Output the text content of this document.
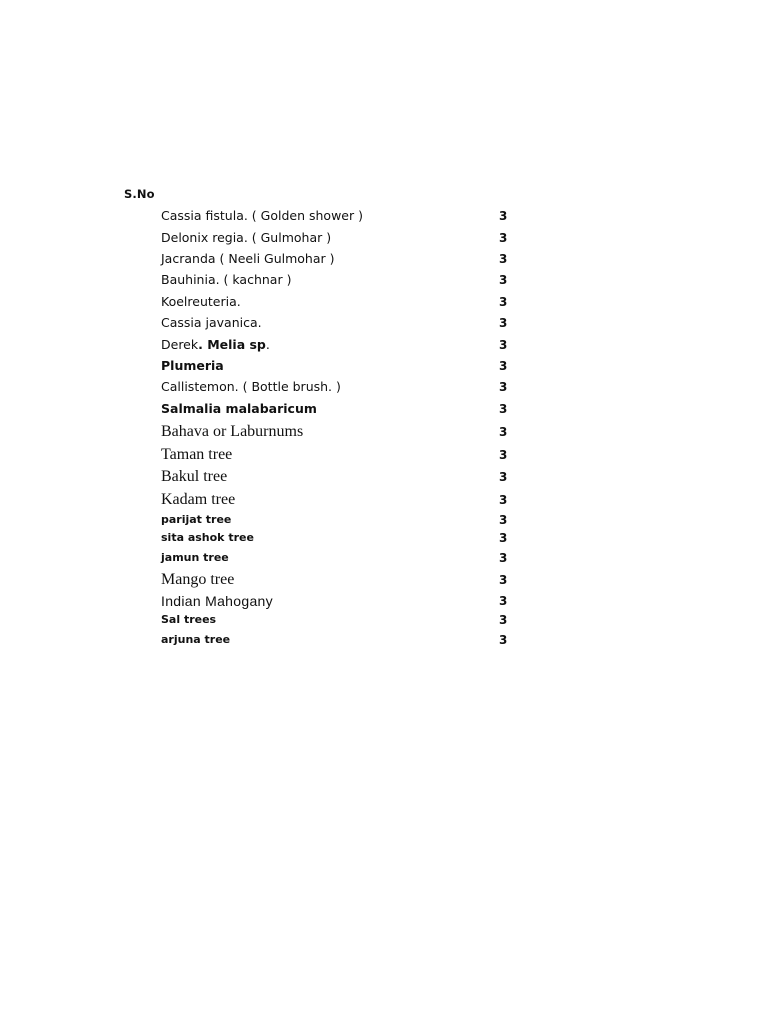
S.No
Cassia fistula. ( Golden shower )	3
Delonix regia. ( Gulmohar )	3
Jacranda ( Neeli Gulmohar )	3
Bauhinia. ( kachnar )	3
Koelreuteria.	3
Cassia javanica.	3
Derek. Melia sp.	3
Plumeria	3
Callistemon. ( Bottle brush. )	3
Salmalia malabaricum	3
Bahava or Laburnums	3
Taman tree	3
Bakul tree	3
Kadam tree	3
parijat tree	3
sita ashok tree	3
jamun tree	3
Mango tree	3
Indian Mahogany	3
Sal trees	3
arjuna tree	3
